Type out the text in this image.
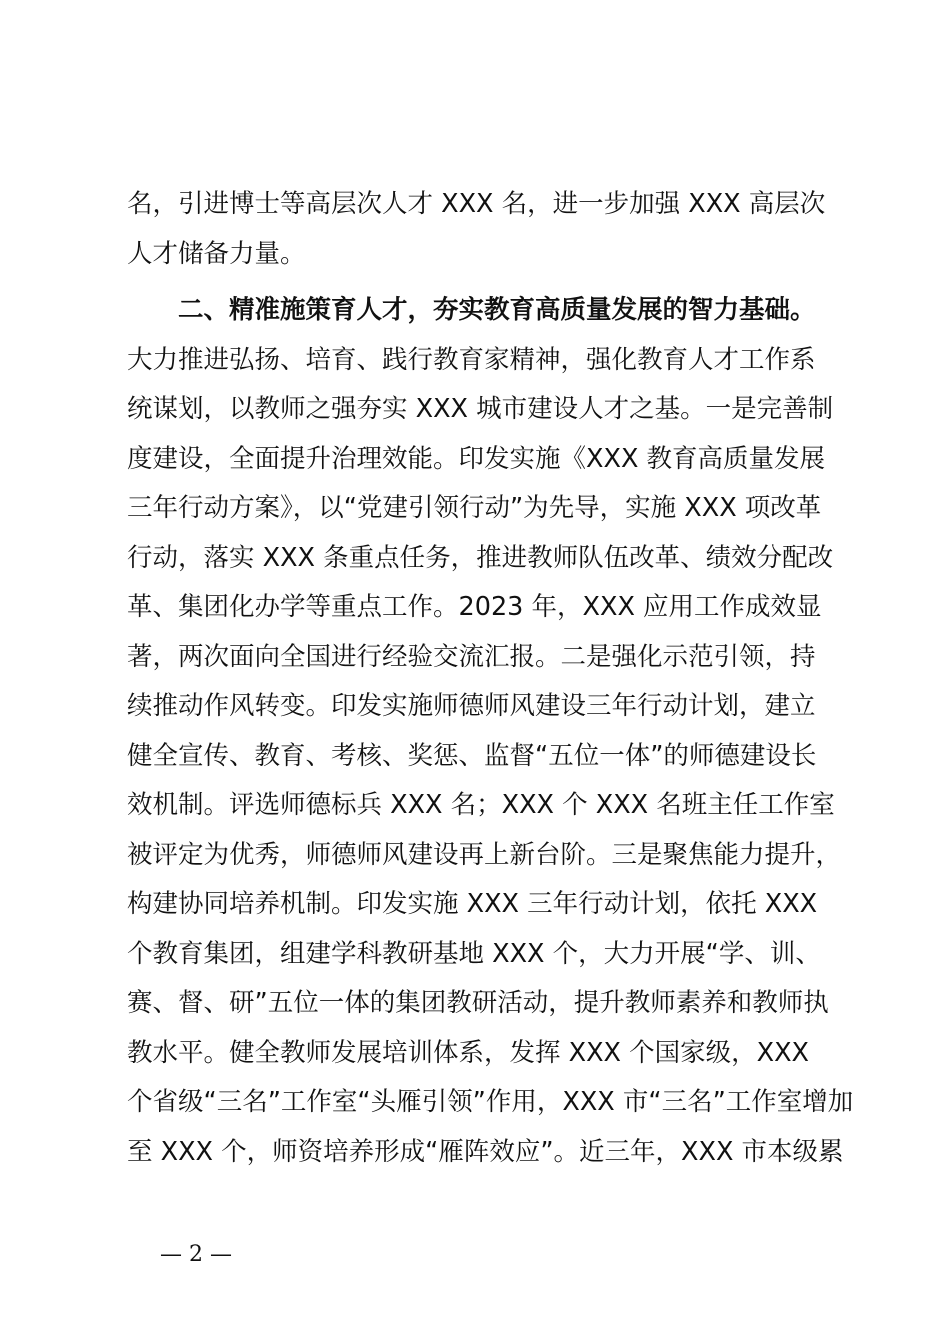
名，引进博士等高层次人才 XXX 名，进一步加强 XXX 高层次
人才储备力量。
二、精准施策育人才，夯实教育高质量发展的智力基础。
大力推进弘扬、培育、践行教育家精神，强化教育人才工作系
统谋划，以教师之强夯实 XXX 城市建设人才之基。一是完善制
度建设，全面提升治理效能。印发实施《XXX 教育高质量发展
三年行动方案》，以“党建引领行动”为先导，实施 XXX 项改革
行动，落实 XXX 条重点任务，推进教师队伍改革、绩效分配改
革、集团化办学等重点工作。2023 年，XXX 应用工作成效显
著，两次面向全国进行经验交流汇报。二是强化示范引领，持
续推动作风转变。印发实施师德师风建设三年行动计划，建立
健全宣传、教育、考核、奖惩、监督“五位一体”的师德建设长
效机制。评选师德标兵 XXX 名；XXX 个 XXX 名班主任工作室
被评定为优秀，师德师风建设再上新台阶。三是聚焦能力提升，
构建协同培养机制。印发实施 XXX 三年行动计划，依托 XXX
个教育集团，组建学科教研基地 XXX 个，大力开展“学、训、
赛、督、研”五位一体的集团教研活动，提升教师素养和教师执
教水平。健全教师发展培训体系，发挥 XXX 个国家级，XXX
个省级“三名”工作室“头雁引领”作用，XXX 市“三名”工作室增加
至 XXX 个，师资培养形成“雁阵效应”。近三年，XXX 市本级累
— 2 —
